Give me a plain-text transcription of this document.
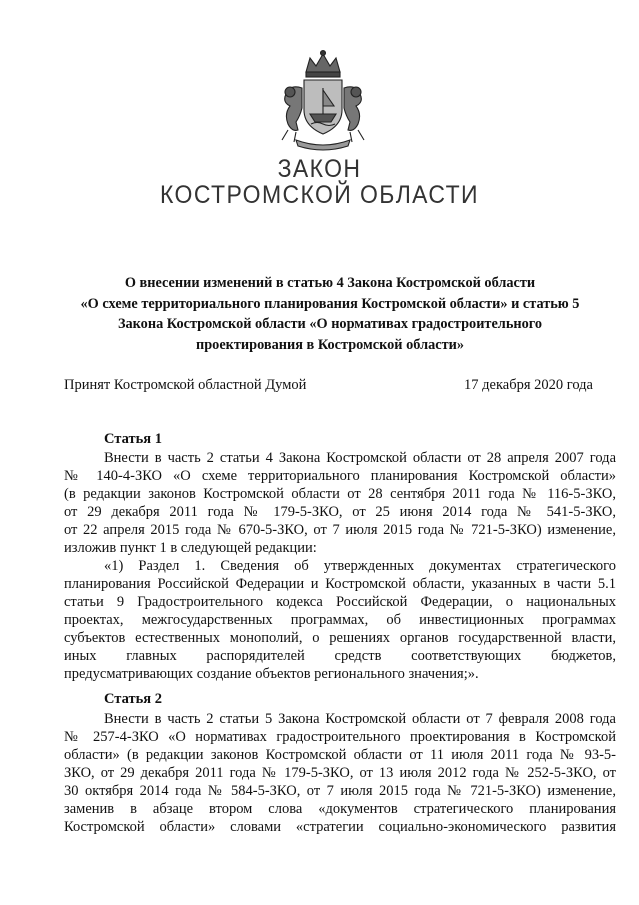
ЗАКОН
КОСТРОМСКОЙ ОБЛАСТИ
О внесении изменений в статью 4 Закона Костромской области
«О схеме территориального планирования Костромской области» и статью 5
Закона Костромской области «О нормативах градостроительного
проектирования в Костромской области»
Принят Костромской областной Думой	17 декабря 2020 года
Статья 1
Внести в часть 2 статьи 4 Закона Костромской области от 28 апреля 2007 года
№ 140-4-ЗКО «О схеме территориального планирования Костромской области»
(в редакции законов Костромской области от 28 сентября 2011 года № 116-5-ЗКО,
от 29 декабря 2011 года № 179-5-ЗКО, от 25 июня 2014 года № 541-5-ЗКО,
от 22 апреля 2015 года № 670-5-ЗКО, от 7 июля 2015 года № 721-5-ЗКО) изменение,
изложив пункт 1 в следующей редакции:
«1) Раздел 1. Сведения об утвержденных документах стратегического
планирования Российской Федерации и Костромской области, указанных в части 5.1
статьи 9 Градостроительного кодекса Российской Федерации, о национальных
проектах, межгосударственных программах, об инвестиционных программах
субъектов естественных монополий, о решениях органов государственной власти,
иных главных распорядителей средств соответствующих бюджетов,
предусматривающих создание объектов регионального значения;».
Статья 2
Внести в часть 2 статьи 5 Закона Костромской области от 7 февраля 2008 года
№ 257-4-ЗКО «О нормативах градостроительного проектирования в Костромской
области» (в редакции законов Костромской области от 11 июля 2011 года № 93-5-
ЗКО, от 29 декабря 2011 года № 179-5-ЗКО, от 13 июля 2012 года № 252-5-ЗКО, от
30 октября 2014 года № 584-5-ЗКО, от 7 июля 2015 года № 721-5-ЗКО) изменение,
заменив в абзаце втором слова «документов стратегического планирования
Костромской области» словами «стратегии социально-экономического развития
